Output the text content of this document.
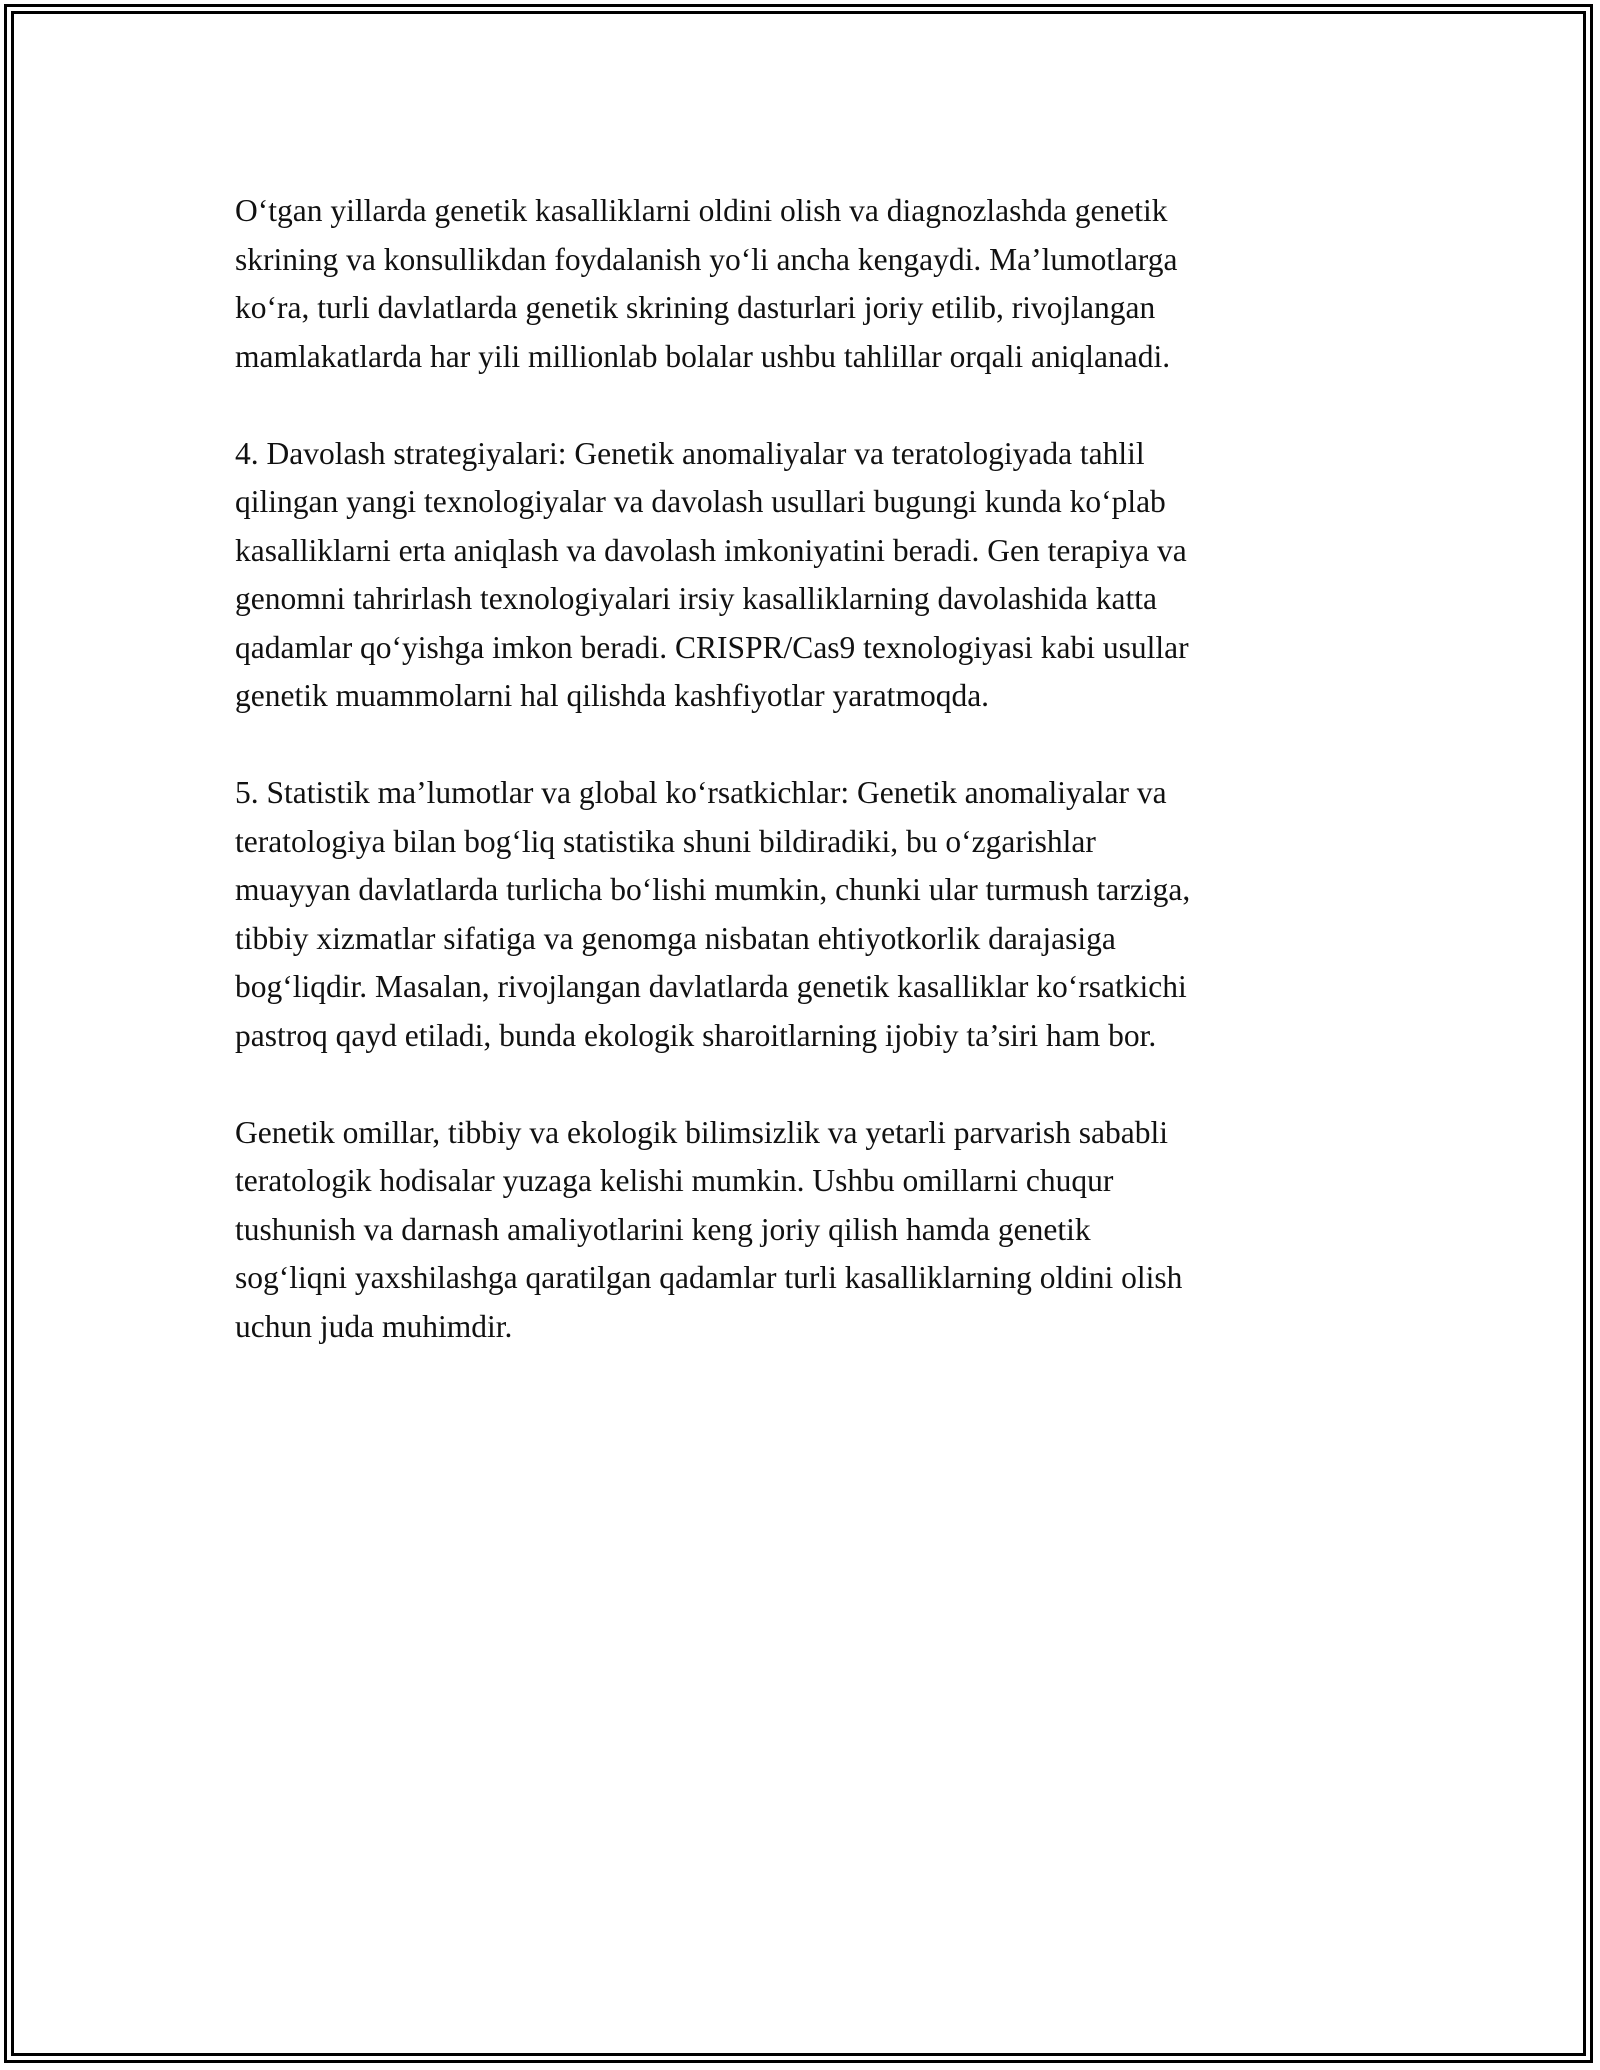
O‘tgan yillarda genetik kasalliklarni oldini olish va diagnozlashda genetik
skrining va konsullikdan foydalanish yo‘li ancha kengaydi. Ma’lumotlarga
ko‘ra, turli davlatlarda genetik skrining dasturlari joriy etilib, rivojlangan
mamlakatlarda har yili millionlab bolalar ushbu tahlillar orqali aniqlanadi.

4. Davolash strategiyalari: Genetik anomaliyalar va teratologiyada tahlil
qilingan yangi texnologiyalar va davolash usullari bugungi kunda ko‘plab
kasalliklarni erta aniqlash va davolash imkoniyatini beradi. Gen terapiya va
genomni tahrirlash texnologiyalari irsiy kasalliklarning davolashida katta
qadamlar qo‘yishga imkon beradi. CRISPR/Cas9 texnologiyasi kabi usullar
genetik muammolarni hal qilishda kashfiyotlar yaratmoqda.

5. Statistik ma’lumotlar va global ko‘rsatkichlar: Genetik anomaliyalar va
teratologiya bilan bog‘liq statistika shuni bildiradiki, bu o‘zgarishlar
muayyan davlatlarda turlicha bo‘lishi mumkin, chunki ular turmush tarziga,
tibbiy xizmatlar sifatiga va genomga nisbatan ehtiyotkorlik darajasiga
bog‘liqdir. Masalan, rivojlangan davlatlarda genetik kasalliklar ko‘rsatkichi
pastroq qayd etiladi, bunda ekologik sharoitlarning ijobiy ta’siri ham bor.

Genetik omillar, tibbiy va ekologik bilimsizlik va yetarli parvarish sababli
teratologik hodisalar yuzaga kelishi mumkin. Ushbu omillarni chuqur
tushunish va darnash amaliyotlarini keng joriy qilish hamda genetik
sog‘liqni yaxshilashga qaratilgan qadamlar turli kasalliklarning oldini olish
uchun juda muhimdir.
